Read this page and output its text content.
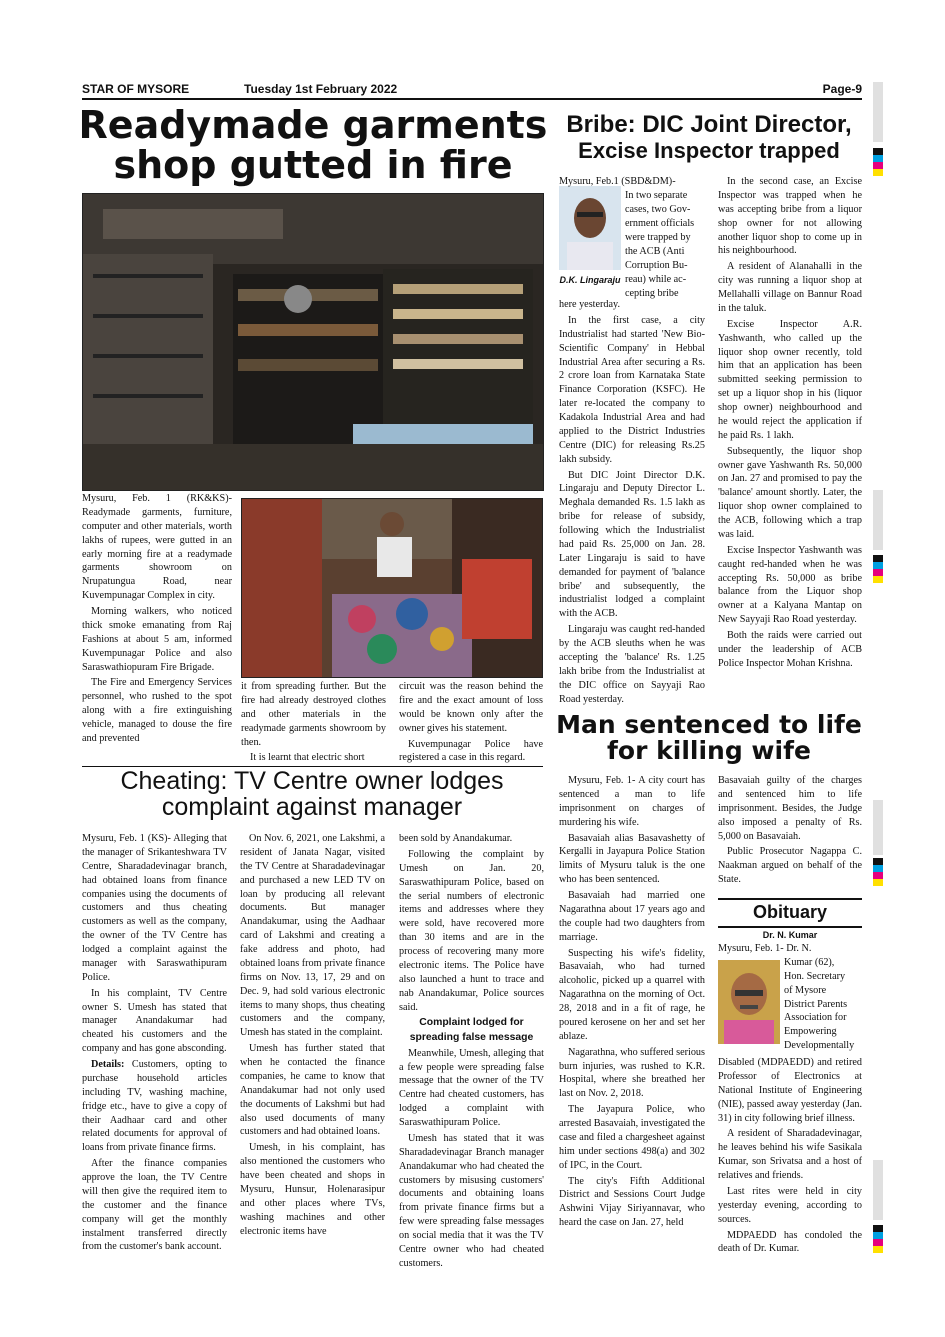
STAR OF MYSORE	Tuesday 1st February 2022	Page-9
Readymade garments
shop gutted in fire

Mysuru, Feb. 1 (RK&KS)- Readymade garments, furniture, computer and other materials, worth lakhs of rupees, were gutted in an early morning fire at a readymade garments showroom on Nrupatungua Road, near Kuvempunagar Complex in city.

Morning walkers, who noticed thick smoke emanating from Raj Fashions at about 5 am, informed Kuvempunagar Police and also Saraswathiopuram Fire Brigade.

The Fire and Emergency Services personnel, who rushed to the spot along with a fire extinguishing vehicle, managed to douse the fire and prevented

it from spreading further. But the fire had already destroyed clothes and other materials in the readymade garments showroom by then.

It is learnt that electric short

circuit was the reason behind the fire and the exact amount of loss would be known only after the owner gives his statement.

Kuvempunagar Police have registered a case in this regard.

Bribe: DIC Joint Director,
Excise Inspector trapped
D.K. Lingaraju
Mysuru, Feb.1 (SBD&DM)-
In two separate
cases, two Gov-
ernment officials
were trapped by
the ACB (Anti
Corruption Bu-
reau) while ac-
cepting bribe

here yesterday.

In the first case, a city Industrialist had started 'New Bio-Scientific Company' in Hebbal Industrial Area after securing a Rs. 2 crore loan from Karnataka State Finance Corporation (KSFC). He later re-located the company to Kadakola Industrial Area and had applied to the District Industries Centre (DIC) for releasing Rs.25 lakh subsidy.

But DIC Joint Director D.K. Lingaraju and Deputy Director L. Meghala demanded Rs. 1.5 lakh as bribe for release of subsidy, following which the Industrialist had paid Rs. 25,000 on Jan. 28. Later Lingaraju is said to have demanded for payment of 'balance bribe' and subsequently, the industrialist lodged a complaint with the ACB.

Lingaraju was caught red-handed by the ACB sleuths when he was accepting the 'balance' Rs. 1.25 lakh bribe from the Industrialist at the DIC office on Sayyaji Rao Road yesterday.

In the second case, an Excise Inspector was trapped when he was accepting bribe from a liquor shop owner for not allowing another liquor shop to come up in his neighbourhood.

A resident of Alanahalli in the city was running a liquor shop at Mellahalli village on Bannur Road in the taluk.

Excise Inspector A.R. Yashwanth, who called up the liquor shop owner recently, told him that an application has been submitted seeking permission to set up a liquor shop in his (liquor shop owner) neighbourhood and he would reject the application if he paid Rs. 1 lakh.

Subsequently, the liquor shop owner gave Yashwanth Rs. 50,000 on Jan. 27 and promised to pay the 'balance' amount shortly. Later, the liquor shop owner complained to the ACB, following which a trap was laid.

Excise Inspector Yashwanth was caught red-handed when he was accepting Rs. 50,000 as bribe balance from the Liquor shop owner at a Kalyana Mantap on New Sayyaji Rao Road yesterday.

Both the raids were carried out under the leadership of ACB Police Inspector Mohan Krishna.

Cheating: TV Centre owner lodges
complaint against manager

Mysuru, Feb. 1 (KS)- Alleging that the manager of Srikanteshwara TV Centre, Sharadadevinagar branch, had obtained loans from finance companies using the documents of customers and thus cheating customers as well as the company, the owner of the TV Centre has lodged a complaint against the manager with Saraswathipuram Police.

In his complaint, TV Centre owner S. Umesh has stated that manager Anandakumar had cheated his customers and the company and has gone absconding.

Details: Customers, opting to purchase household articles including TV, washing machine, fridge etc., have to give a copy of their Aadhaar card and other related documents for approval of loans from private finance firms.

After the finance companies approve the loan, the TV Centre will then give the required item to the customer and the finance company will get the monthly instalment transferred directly from the customer's bank account.

On Nov. 6, 2021, one Lakshmi, a resident of Janata Nagar, visited the TV Centre at Sharadadevinagar and purchased a new LED TV on loan by producing all relevant documents. But manager Anandakumar, using the Aadhaar card of Lakshmi and creating a fake address and photo, had obtained loans from private finance firms on Nov. 13, 17, 29 and on Dec. 9, had sold various electronic items to many shops, thus cheating customers and the company, Umesh has stated in the complaint.

Umesh has further stated that when he contacted the finance companies, he came to know that Anandakumar had not only used the documents of Lakshmi but had also used documents of many customers and had obtained loans.

Umesh, in his complaint, has also mentioned the customers who have been cheated and shops in Mysuru, Hunsur, Holenarasipur and other places where TVs, washing machines and other electronic items have

been sold by Anandakumar.

Following the complaint by Umesh on Jan. 20, Saraswathipuram Police, based on the serial numbers of electronic items and addresses where they were sold, have recovered more than 30 items and are in the process of recovering many more electronic items. The Police have also launched a hunt to trace and nab Anandakumar, Police sources said.

Complaint lodged for spreading false message

Meanwhile, Umesh, alleging that a few people were spreading false message that the owner of the TV Centre had cheated customers, has lodged a complaint with Saraswathipuram Police.

Umesh has stated that it was Sharadadevinagar Branch manager Anandakumar who had cheated the customers by misusing customers' documents and obtaining loans from private finance firms but a few were spreading false messages on social media that it was the TV Centre owner who had cheated customers.

Man sentenced to life
for killing wife

Mysuru, Feb. 1- A city court has sentenced a man to life imprisonment on charges of murdering his wife.

Basavaiah alias Basavashetty of Kergalli in Jayapura Police Station limits of Mysuru taluk is the one who has been sentenced.

Basavaiah had married one Nagarathna about 17 years ago and the couple had two daughters from marriage.

Suspecting his wife's fidelity, Basavaiah, who had turned alcoholic, picked up a quarrel with Nagarathna on the morning of Oct. 28, 2018 and in a fit of rage, he poured kerosene on her and set her ablaze.

Nagarathna, who suffered serious burn injuries, was rushed to K.R. Hospital, where she breathed her last on Nov. 2, 2018.

The Jayapura Police, who arrested Basavaiah, investigated the case and filed a chargesheet against him under sections 498(a) and 302 of IPC, in the Court.

The city's Fifth Additional District and Sessions Court Judge Ashwini Vijay Siriyannavar, who heard the case on Jan. 27, held

Basavaiah guilty of the charges and sentenced him to life imprisonment. Besides, the Judge also imposed a penalty of Rs. 5,000 on Basavaiah.

Public Prosecutor Nagappa C. Naakman argued on behalf of the State.

Obituary
Dr. N. Kumar
Mysuru, Feb. 1- Dr. N.
Kumar (62),
Hon. Secretary
of Mysore
District Parents
Association for
Empowering
Developmentally

Disabled (MDPAEDD) and retired Professor of Electronics at National Institute of Engineering (NIE), passed away yesterday (Jan. 31) in city following brief illness.

A resident of Sharadadevinagar, he leaves behind his wife Sasikala Kumar, son Srivatsa and a host of relatives and friends.

Last rites were held in city yesterday evening, according to sources.

MDPAEDD has condoled the death of Dr. Kumar.
